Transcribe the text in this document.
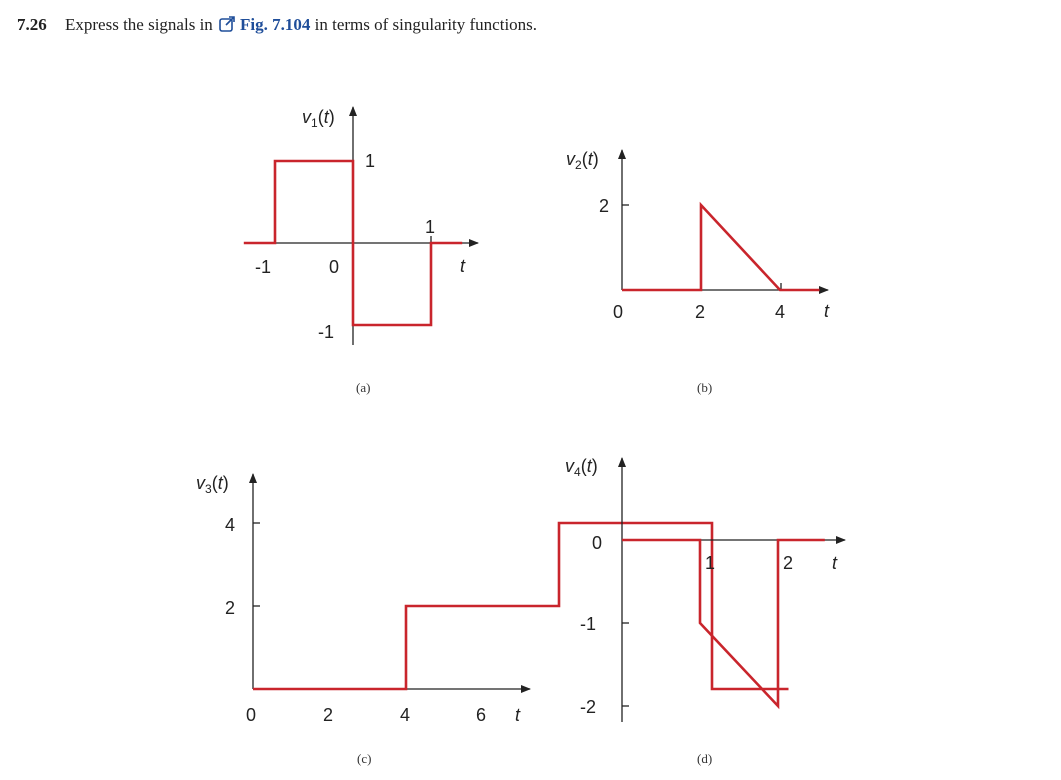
7.26 Express the signals in Fig. 7.104 in terms of singularity functions.
$v_1(t)$
t
-1	0
1
1
-1
(a)
$v_2(t)$
t
0	2	4
2
(b)
$v_3(t)$
t
0	2	4	6
4
2
(c)
$v_4(t)$
t
0
1	2
-1
-2
(d)
